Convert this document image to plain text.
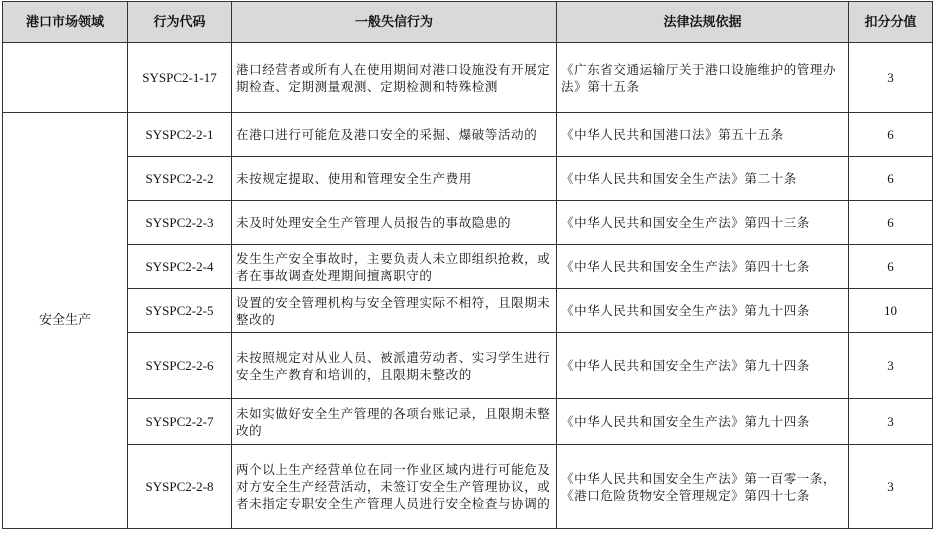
港口市场领域	行为代码	一般失信行为	法律法规依据	扣分分值
	SYSPC2-1-17	港口经营者或所有人在使用期间对港口设施没有开展定期检查、定期测量观测、定期检测和特殊检测	《广东省交通运输厅关于港口设施维护的管理办法》第十五条	3
安全生产	SYSPC2-2-1	在港口进行可能危及港口安全的采掘、爆破等活动的	《中华人民共和国港口法》第五十五条	6
	SYSPC2-2-2	未按规定提取、使用和管理安全生产费用	《中华人民共和国安全生产法》第二十条	6
	SYSPC2-2-3	未及时处理安全生产管理人员报告的事故隐患的	《中华人民共和国安全生产法》第四十三条	6
	SYSPC2-2-4	发生生产安全事故时，主要负责人未立即组织抢救，或者在事故调查处理期间擅离职守的	《中华人民共和国安全生产法》第四十七条	6
	SYSPC2-2-5	设置的安全管理机构与安全管理实际不相符，且限期未整改的	《中华人民共和国安全生产法》第九十四条	10
	SYSPC2-2-6	未按照规定对从业人员、被派遣劳动者、实习学生进行安全生产教育和培训的，且限期未整改的	《中华人民共和国安全生产法》第九十四条	3
	SYSPC2-2-7	未如实做好安全生产管理的各项台账记录，且限期未整改的	《中华人民共和国安全生产法》第九十四条	3
	SYSPC2-2-8	两个以上生产经营单位在同一作业区域内进行可能危及对方安全生产经营活动，未签订安全生产管理协议，或者未指定专职安全生产管理人员进行安全检查与协调的	《中华人民共和国安全生产法》第一百零一条，《港口危险货物安全管理规定》第四十七条	3
